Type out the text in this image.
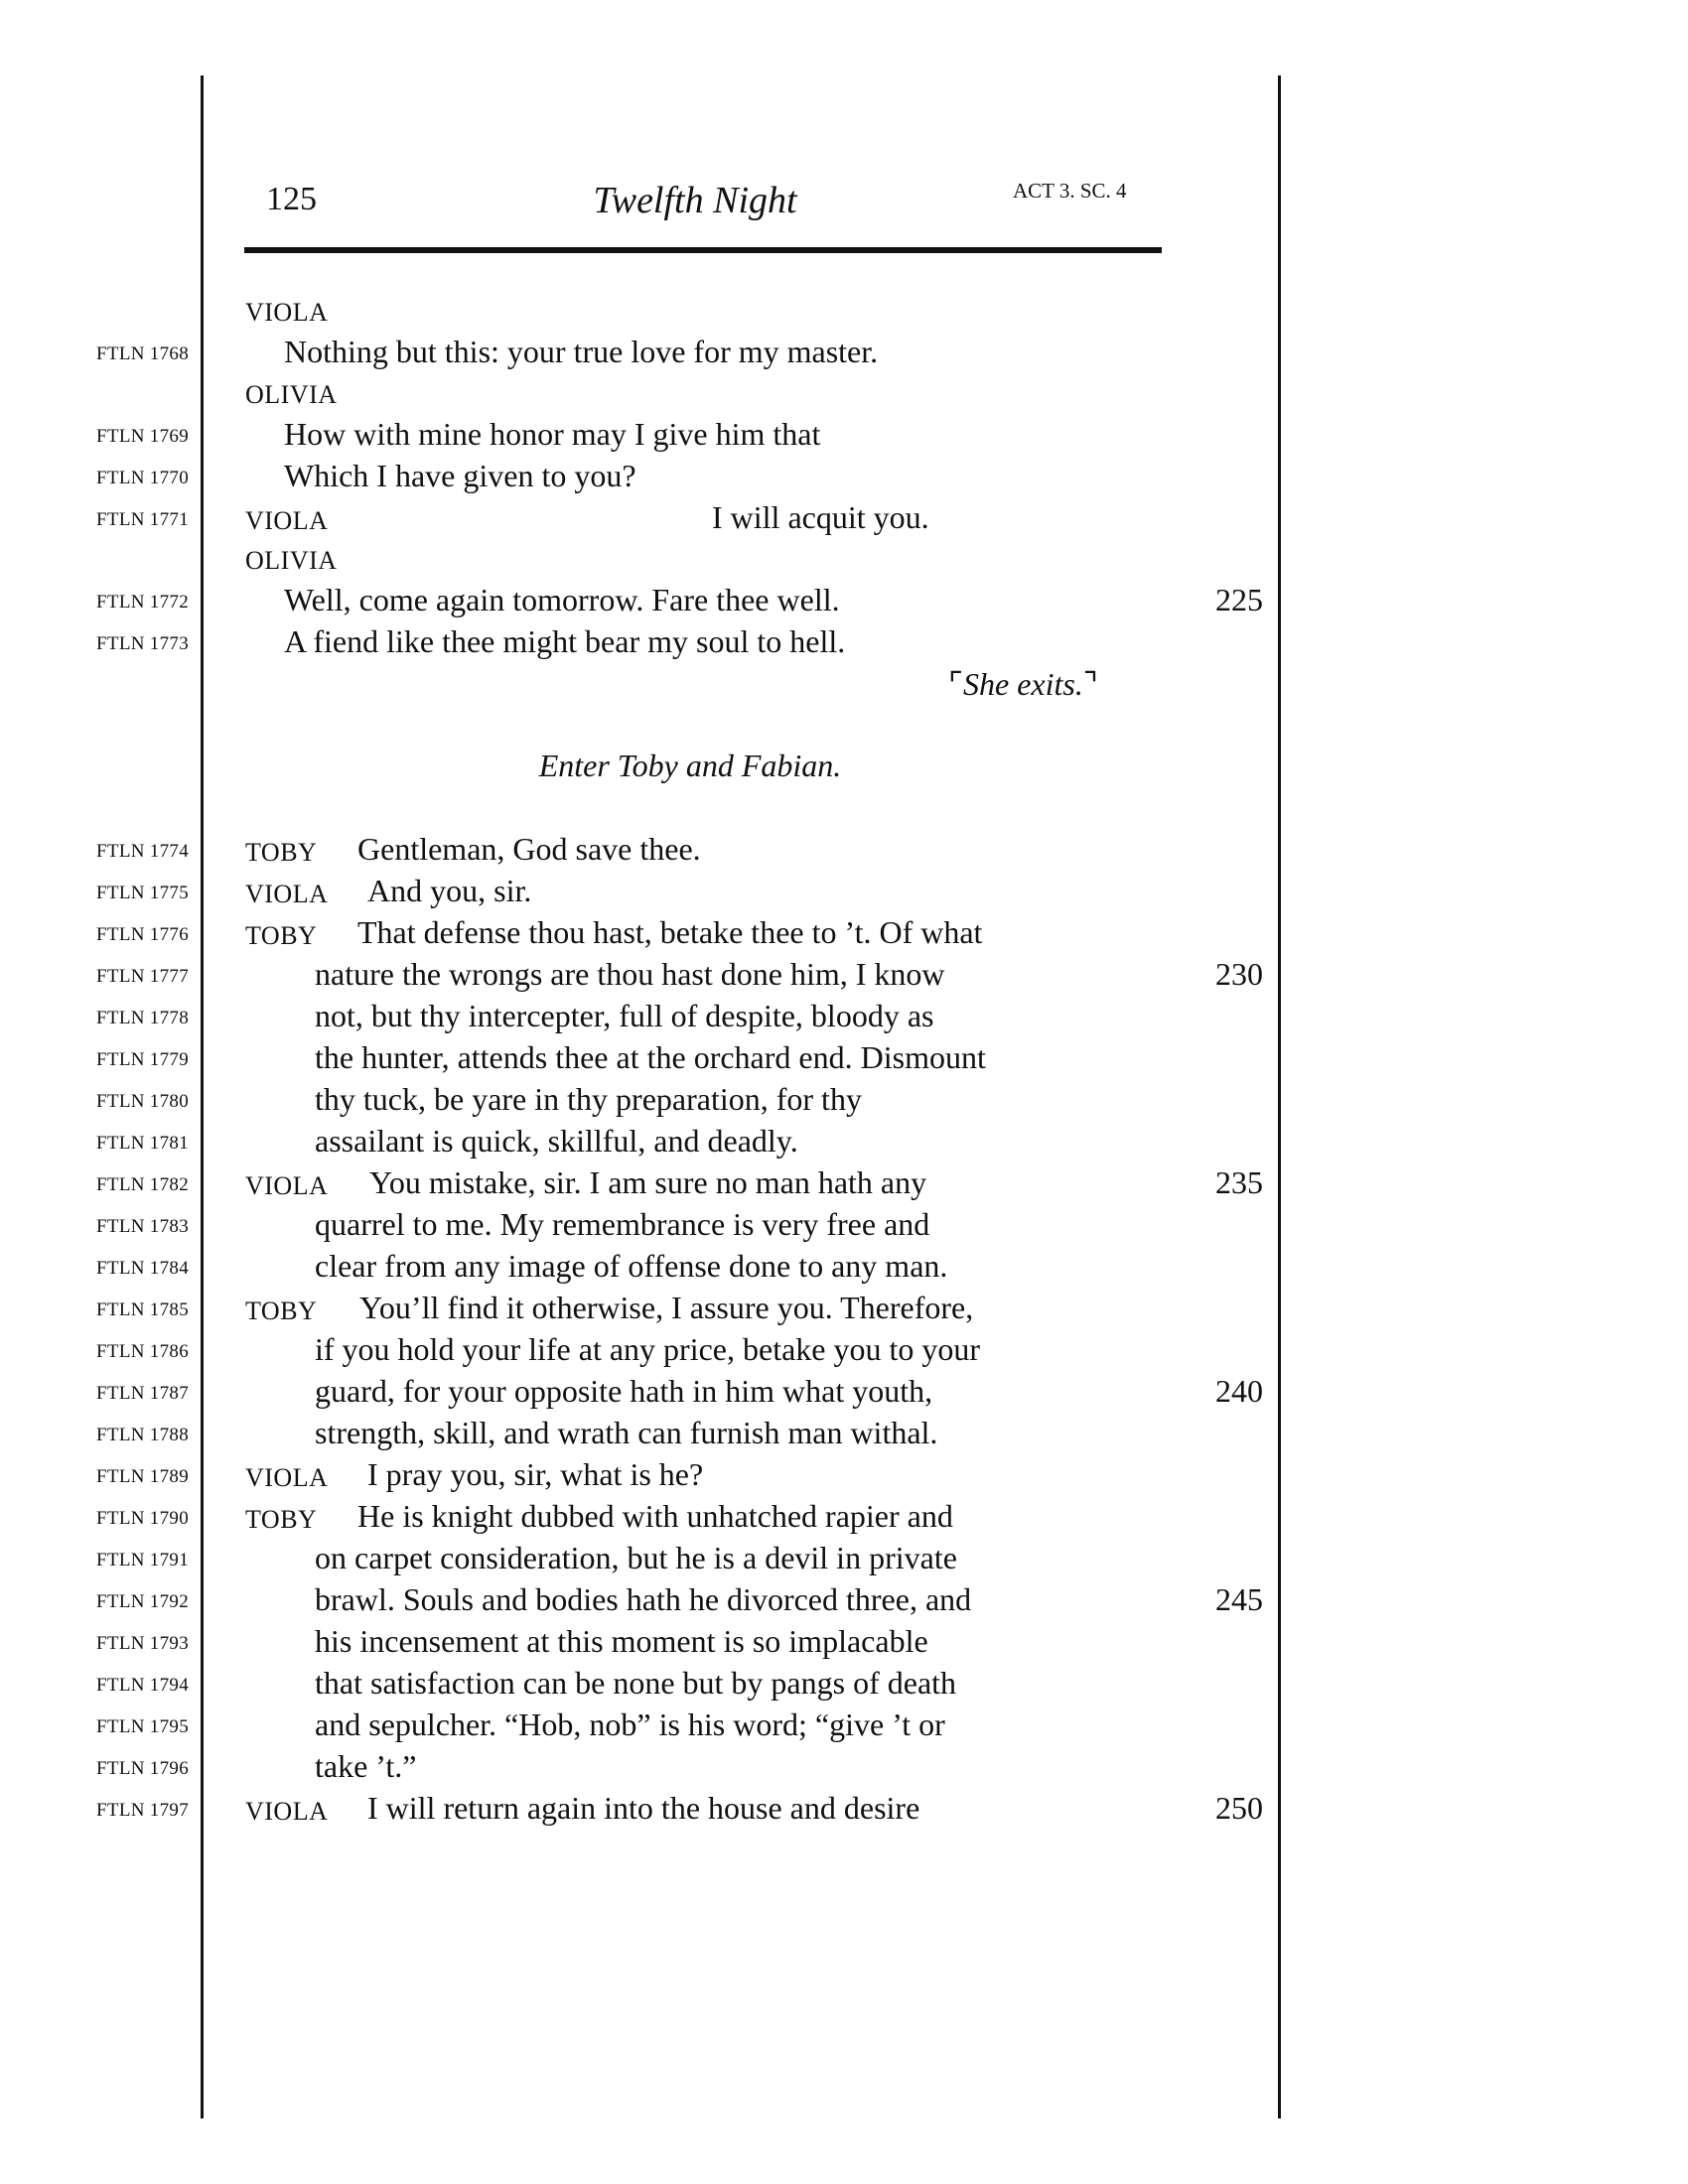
125	Twelfth Night	ACT 3. SC. 4
VIOLA
FTLN 1768	Nothing but this: your true love for my master.
OLIVIA
FTLN 1769	How with mine honor may I give him that
FTLN 1770	Which I have given to you?
FTLN 1771 VIOLA	I will acquit you.
OLIVIA
FTLN 1772	Well, come again tomorrow. Fare thee well.	225
FTLN 1773	A fiend like thee might bear my soul to hell.
⌜She exits.⌝
Enter Toby and Fabian.
FTLN 1774 TOBY Gentleman, God save thee.
FTLN 1775 VIOLA And you, sir.
FTLN 1776 TOBY That defense thou hast, betake thee to ’t. Of what
FTLN 1777	nature the wrongs are thou hast done him, I know	230
FTLN 1778	not, but thy intercepter, full of despite, bloody as
FTLN 1779	the hunter, attends thee at the orchard end. Dismount
FTLN 1780	thy tuck, be yare in thy preparation, for thy
FTLN 1781	assailant is quick, skillful, and deadly.
FTLN 1782 VIOLA You mistake, sir. I am sure no man hath any	235
FTLN 1783	quarrel to me. My remembrance is very free and
FTLN 1784	clear from any image of offense done to any man.
FTLN 1785 TOBY You’ll find it otherwise, I assure you. Therefore,
FTLN 1786	if you hold your life at any price, betake you to your
FTLN 1787	guard, for your opposite hath in him what youth,	240
FTLN 1788	strength, skill, and wrath can furnish man withal.
FTLN 1789 VIOLA I pray you, sir, what is he?
FTLN 1790 TOBY He is knight dubbed with unhatched rapier and
FTLN 1791	on carpet consideration, but he is a devil in private
FTLN 1792	brawl. Souls and bodies hath he divorced three, and	245
FTLN 1793	his incensement at this moment is so implacable
FTLN 1794	that satisfaction can be none but by pangs of death
FTLN 1795	and sepulcher. “Hob, nob” is his word; “give ’t or
FTLN 1796	take ’t.”
FTLN 1797 VIOLA I will return again into the house and desire	250
